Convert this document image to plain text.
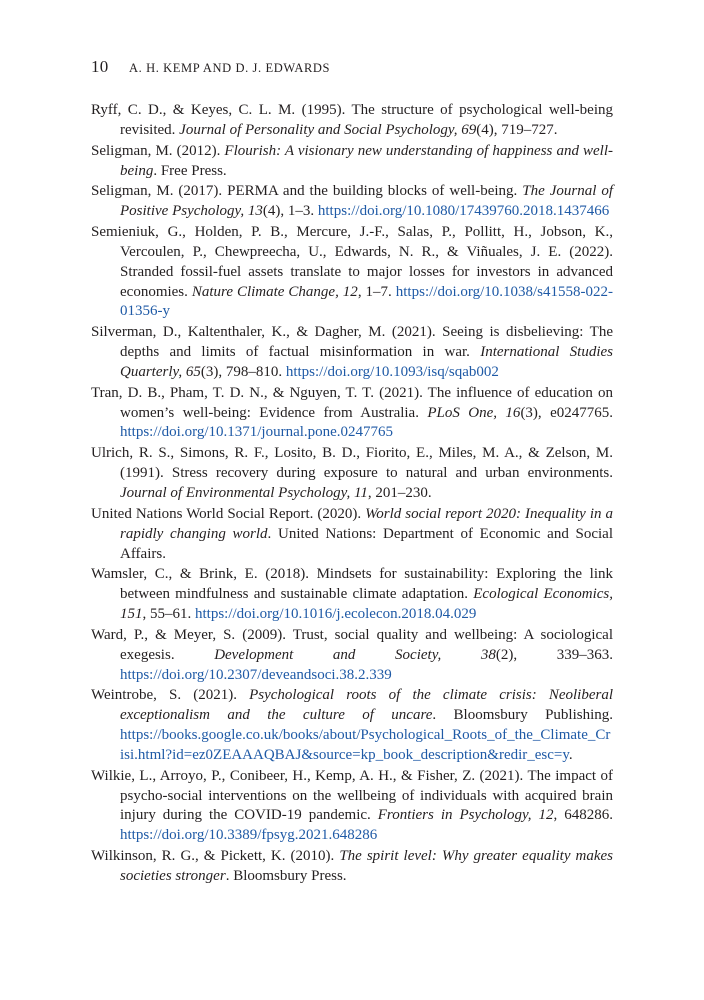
10 A. H. KEMP AND D. J. EDWARDS
Ryff, C. D., & Keyes, C. L. M. (1995). The structure of psychological well-being revisited. Journal of Personality and Social Psychology, 69(4), 719–727.
Seligman, M. (2012). Flourish: A visionary new understanding of happiness and well-being. Free Press.
Seligman, M. (2017). PERMA and the building blocks of well-being. The Journal of Positive Psychology, 13(4), 1–3. https://doi.org/10.1080/17439760.2018.1437466
Semieniuk, G., Holden, P. B., Mercure, J.-F., Salas, P., Pollitt, H., Jobson, K., Vercoulen, P., Chewpreecha, U., Edwards, N. R., & Viñuales, J. E. (2022). Stranded fossil-fuel assets translate to major losses for investors in advanced economies. Nature Climate Change, 12, 1–7. https://doi.org/10.1038/s41558-022-01356-y
Silverman, D., Kaltenthaler, K., & Dagher, M. (2021). Seeing is disbelieving: The depths and limits of factual misinformation in war. International Studies Quarterly, 65(3), 798–810. https://doi.org/10.1093/isq/sqab002
Tran, D. B., Pham, T. D. N., & Nguyen, T. T. (2021). The influence of education on women’s well-being: Evidence from Australia. PLoS One, 16(3), e0247765. https://doi.org/10.1371/journal.pone.0247765
Ulrich, R. S., Simons, R. F., Losito, B. D., Fiorito, E., Miles, M. A., & Zelson, M. (1991). Stress recovery during exposure to natural and urban environments. Journal of Environmental Psychology, 11, 201–230.
United Nations World Social Report. (2020). World social report 2020: Inequality in a rapidly changing world. United Nations: Department of Economic and Social Affairs.
Wamsler, C., & Brink, E. (2018). Mindsets for sustainability: Exploring the link between mindfulness and sustainable climate adaptation. Ecological Economics, 151, 55–61. https://doi.org/10.1016/j.ecolecon.2018.04.029
Ward, P., & Meyer, S. (2009). Trust, social quality and wellbeing: A sociological exegesis. Development and Society, 38(2), 339–363. https://doi.org/10.2307/deveandsoci.38.2.339
Weintrobe, S. (2021). Psychological roots of the climate crisis: Neoliberal exceptionalism and the culture of uncare. Bloomsbury Publishing. https://books.google.co.uk/books/about/Psychological_Roots_of_the_Climate_Crisi.html?id=ez0ZEAAAQBAJ&source=kp_book_description&redir_esc=y.
Wilkie, L., Arroyo, P., Conibeer, H., Kemp, A. H., & Fisher, Z. (2021). The impact of psycho-social interventions on the wellbeing of individuals with acquired brain injury during the COVID-19 pandemic. Frontiers in Psychology, 12, 648286. https://doi.org/10.3389/fpsyg.2021.648286
Wilkinson, R. G., & Pickett, K. (2010). The spirit level: Why greater equality makes societies stronger. Bloomsbury Press.
